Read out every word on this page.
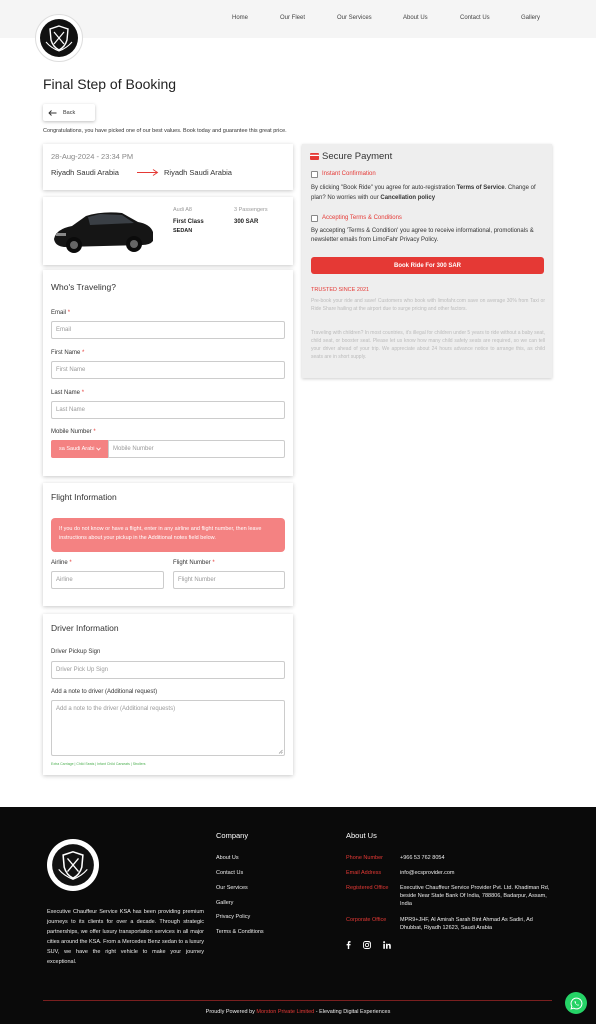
Home	Our Fleet	Our Services	About Us	Contact Us	Gallery
Final Step of Booking
Back
Congratulations, you have picked one of our best values. Book today and guarantee this great price.
28-Aug-2024 - 23:34 PM
Riyadh Saudi Arabia	Riyadh Saudi Arabia
Audi A8
First Class
SEDAN
3 Passengers
300 SAR
Who's Traveling?
Email *
Email
First Name *
First Name
Last Name *
Last Name
Mobile Number *
sa Saudi Arabi	Mobile Number
Flight Information
If you do not know or have a flight, enter in any airline and flight number, then leave instructions about your pickup in the Additional notes field below.
Airline *
Airline
Flight Number *
Flight Number
Driver Information
Driver Pickup Sign
Driver Pick Up Sign
Add a note to driver (Additional request)
Add a note to the driver (Additional requests)
Extra Carriage | Child Seats | Infant Child Carseats | Strollers
Secure Payment
Instant Confirmation
By clicking "Book Ride" you agree for auto-registration Terms of Service. Change of plan? No worries with our Cancellation policy
Accepting Terms & Conditions
By accepting 'Terms & Condition' you agree to receive informational, promotionals & newsletter emails from LimoFahr Privacy Policy.
Book Ride For 300 SAR
TRUSTED SINCE 2021
Pre-book your ride and save! Customers who book with limofahr.com save on average 30% from Taxi or Ride Share hailing at the airport due to surge pricing and other factors.
Traveling with children? In most countries, it's illegal for children under 5 years to ride without a baby seat, child seat, or booster seat. Please let us know how many child safety seats are required, so we can tell your driver ahead of your trip. We appreciate about 24 hours advance notice to arrange this, as child seats are in short supply.
Executive Chauffeur Service KSA has been providing premium journeys to its clients for over a decade. Through strategic partnerships, we offer luxury transportation services in all major cities around the KSA. From a Mercedes Benz sedan to a luxury SUV, we have the right vehicle to make your journey exceptional.
Company
About Us
Contact Us
Our Services
Gallery
Privacy Policy
Terms & Conditions
About Us
Phone Number	+966 53 762 8054
Email Address	info@ecsprovider.com
Registered Office Executive Chauffeur Service Provider Pvt. Ltd. Khadiman Rd, beside Near State Bank Of India, 788806, Badarpur, Assam, India
Corporate Office MPR9+JHF, Al Amirah Sarah Bint Ahmad As Sadiri, Ad Dhubbat, Riyadh 12623, Saudi Arabia
Proudly Powered by Morston Private Limited - Elevating Digital Experiences
